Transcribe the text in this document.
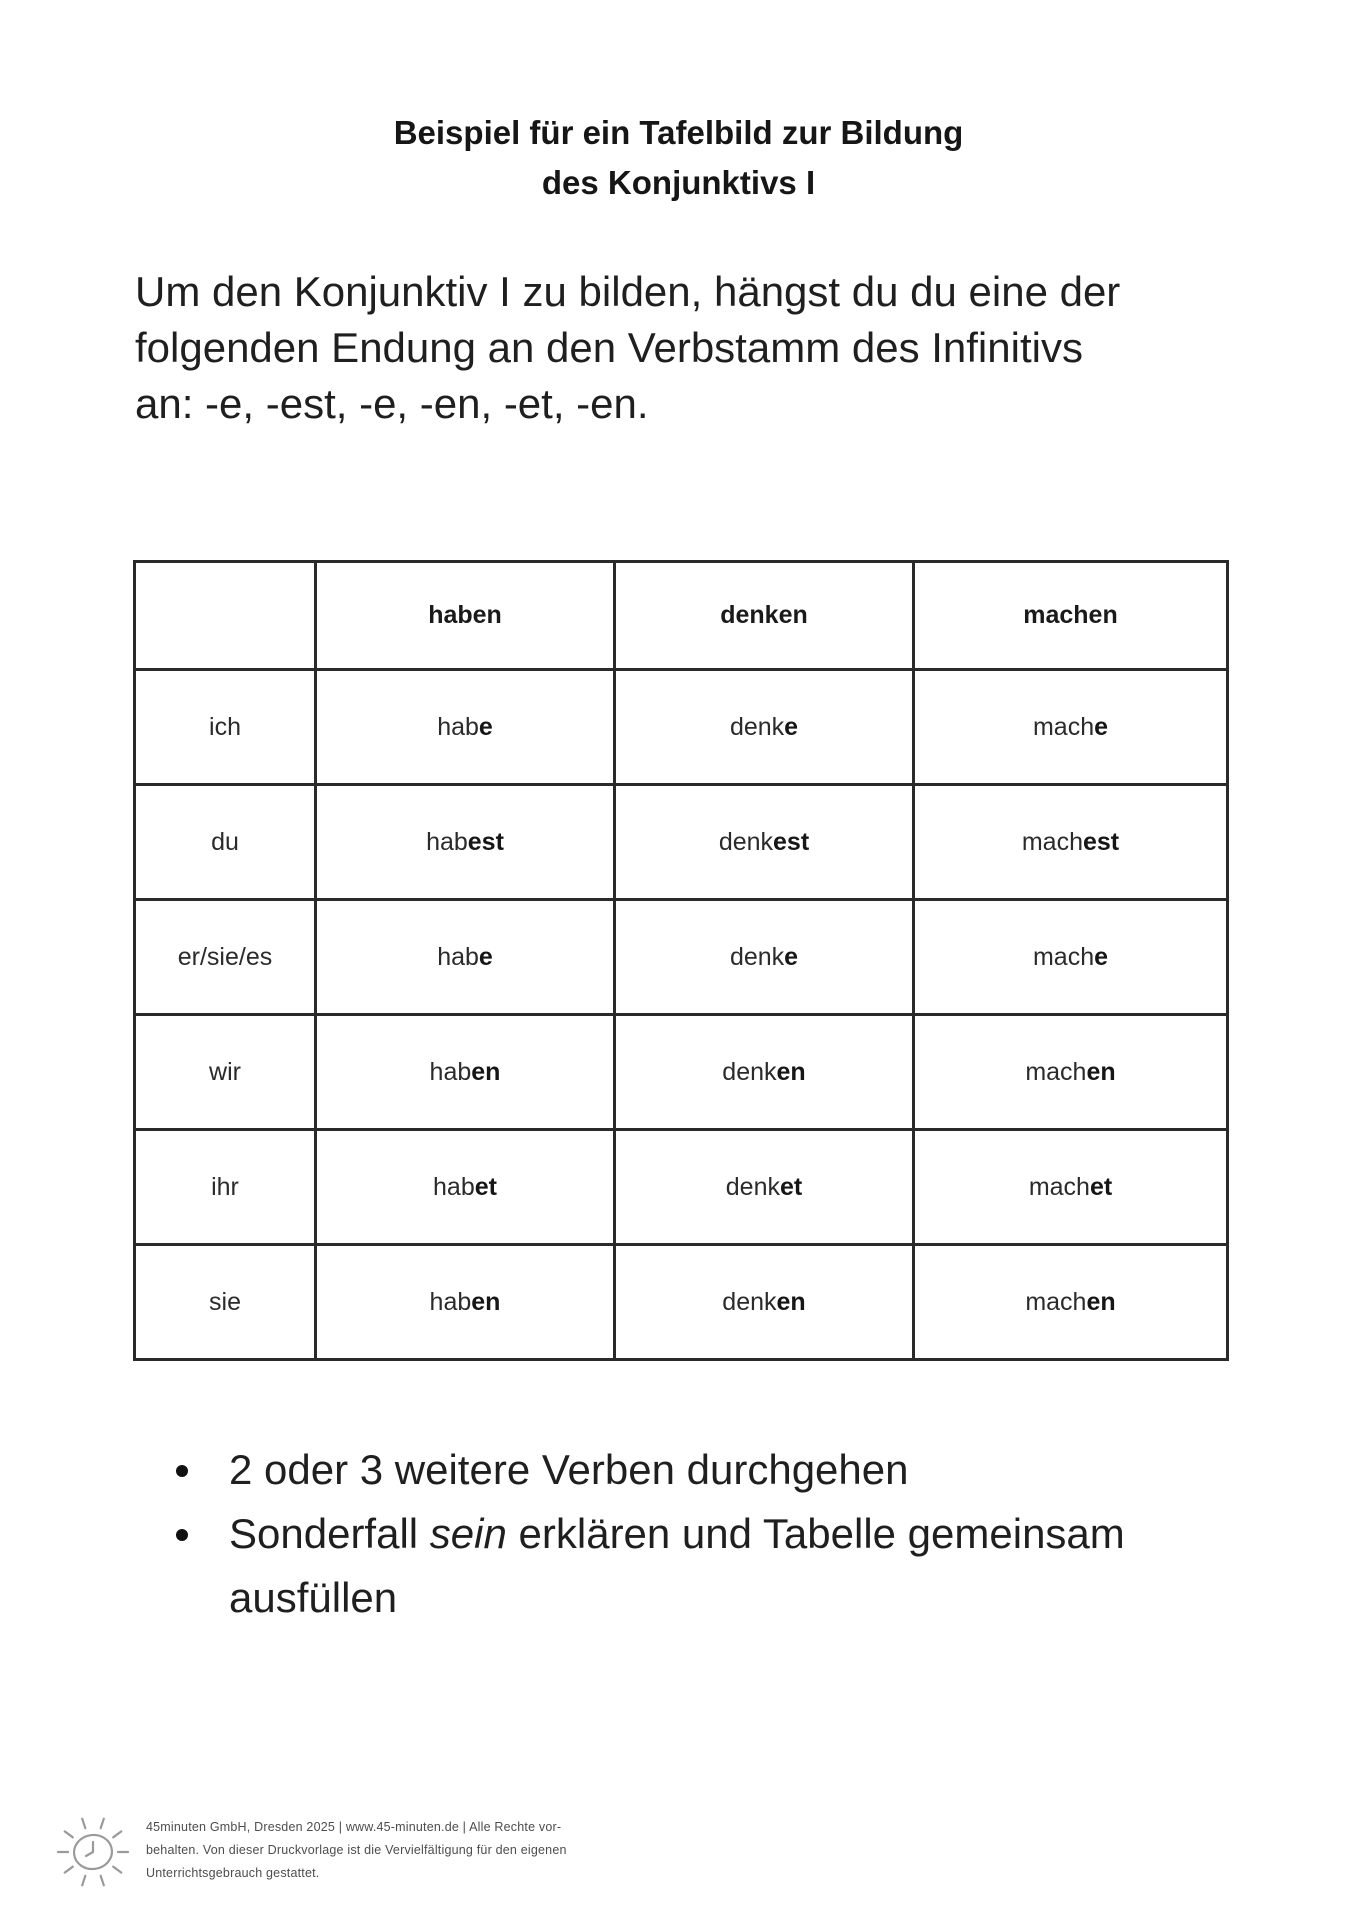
Beispiel für ein Tafelbild zur Bildung
des Konjunktivs I
Um den Konjunktiv I zu bilden, hängst du du eine der
folgenden Endung an den Verbstamm des Infinitivs
an: -e, -est, -e, -en, -et, -en.
	haben	denken	machen
ich	habe	denke	mache
du	habest	denkest	machest
er/sie/es	habe	denke	mache
wir	haben	denken	machen
ihr	habet	denket	machet
sie	haben	denken	machen
2 oder 3 weitere Verben durchgehen
Sonderfall sein erklären und Tabelle gemeinsam ausfüllen
45minuten GmbH, Dresden 2025 | www.45-minuten.de | Alle Rechte vor-
behalten. Von dieser Druckvorlage ist die Vervielfältigung für den eigenen
Unterrichtsgebrauch gestattet.
